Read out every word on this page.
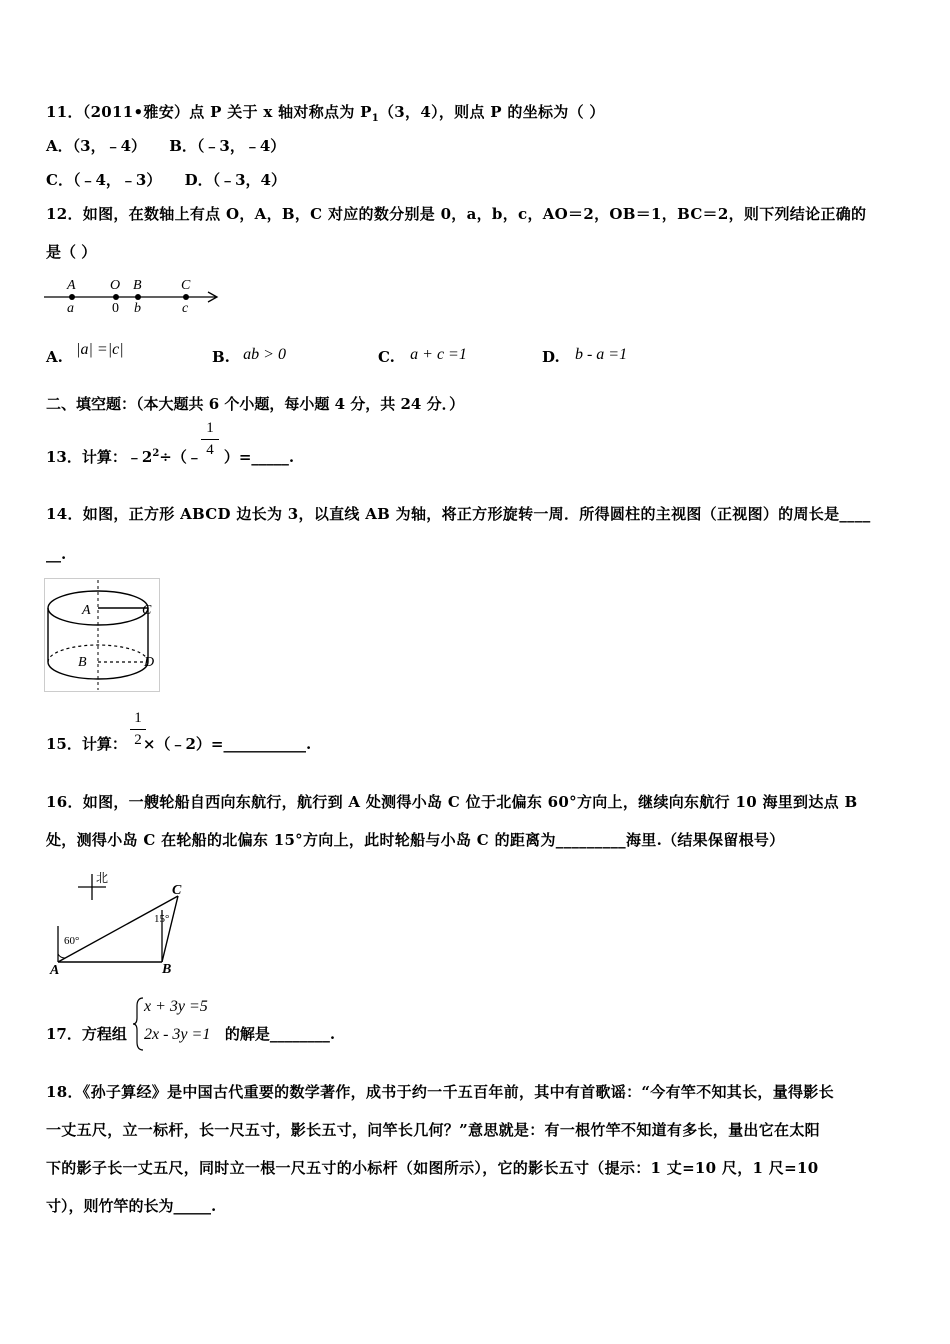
11．（2011•雅安）点 P 关于 x 轴对称点为 $P_1(3$，4），则点 P 的坐标为（ ）
A．（3，﹣4） B．（﹣3，﹣4）
C．（﹣4，﹣3） D．（﹣3，4）
12．如图，在数轴上有点 O，A，B，C 对应的数分别是 0，a，b，c，AO＝2，OB＝1，BC＝2，则下列结论正确的
是（ ）
A
a
O
0
B
b
C
c
A. |a| =|c|	B. ab > 0	C. a + c =1	D. b - a =1
二、填空题：（本大题共 6 个小题，每小题 4 分，共 24 分．）
13．计算：$﹣2^2\div(﹣$ ）=_____.
1
4
14．如图，正方形 ABCD 边长为 3，以直线 AB 为轴，将正方形旋转一周．所得圆柱的主视图（正视图）的周长是____
__.
A	C
B	D
15．计算： ×（﹣2）=___________.
1
2
16．如图，一艘轮船自西向东航行，航行到 A 处测得小岛 C 位于北偏东 60°方向上，继续向东航行 10 海里到达点 B
处，测得小岛 C 在轮船的北偏东 15°方向上，此时轮船与小岛 C 的距离为_________海里.（结果保留根号）
北
60°
15°
A	B
C
17．方程组	的解是________.
x + 3y =5
2x - 3y =1
18．《孙子算经》是中国古代重要的数学著作，成书于约一千五百年前，其中有首歌谣：“今有竿不知其长，量得影长
一丈五尺，立一标杆，长一尺五寸，影长五寸，问竿长几何？”意思就是：有一根竹竿不知道有多长，量出它在太阳
下的影子长一丈五尺，同时立一根一尺五寸的小标杆（如图所示），它的影长五寸（提示：1 丈=10 尺，1 尺=10
寸），则竹竿的长为_____.
